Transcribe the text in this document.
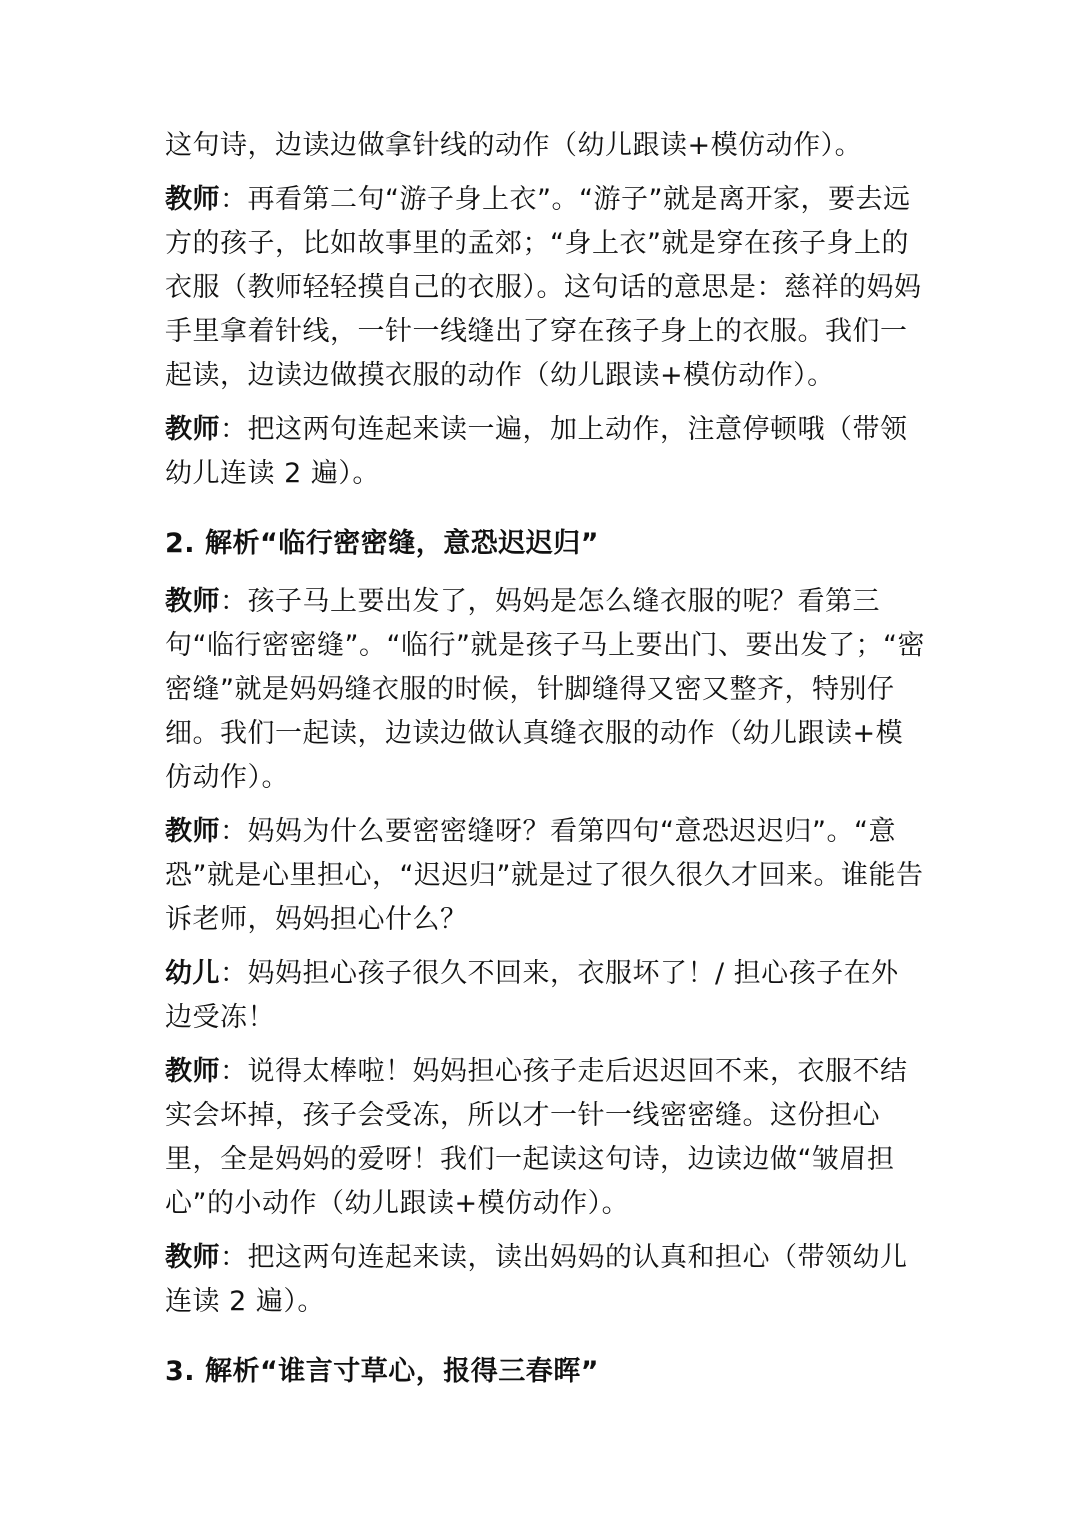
这句诗，边读边做拿针线的动作（幼儿跟读+模仿动作）。

教师：再看第二句“游子身上衣”。“游子”就是离开家，要去远方的孩子，比如故事里的孟郊；“身上衣”就是穿在孩子身上的衣服（教师轻轻摸自己的衣服）。这句话的意思是：慈祥的妈妈手里拿着针线，一针一线缝出了穿在孩子身上的衣服。我们一起读，边读边做摸衣服的动作（幼儿跟读+模仿动作）。

教师：把这两句连起来读一遍，加上动作，注意停顿哦（带领幼儿连读 2 遍）。

2. 解析“临行密密缝，意恐迟迟归”

教师：孩子马上要出发了，妈妈是怎么缝衣服的呢？看第三句“临行密密缝”。“临行”就是孩子马上要出门、要出发了；“密密缝”就是妈妈缝衣服的时候，针脚缝得又密又整齐，特别仔细。我们一起读，边读边做认真缝衣服的动作（幼儿跟读+模仿动作）。

教师：妈妈为什么要密密缝呀？看第四句“意恐迟迟归”。“意恐”就是心里担心，“迟迟归”就是过了很久很久才回来。谁能告诉老师，妈妈担心什么？

幼儿：妈妈担心孩子很久不回来，衣服坏了！/ 担心孩子在外边受冻！

教师：说得太棒啦！妈妈担心孩子走后迟迟回不来，衣服不结实会坏掉，孩子会受冻，所以才一针一线密密缝。这份担心里，全是妈妈的爱呀！我们一起读这句诗，边读边做“皱眉担心”的小动作（幼儿跟读+模仿动作）。

教师：把这两句连起来读，读出妈妈的认真和担心（带领幼儿连读 2 遍）。

3. 解析“谁言寸草心，报得三春晖”
